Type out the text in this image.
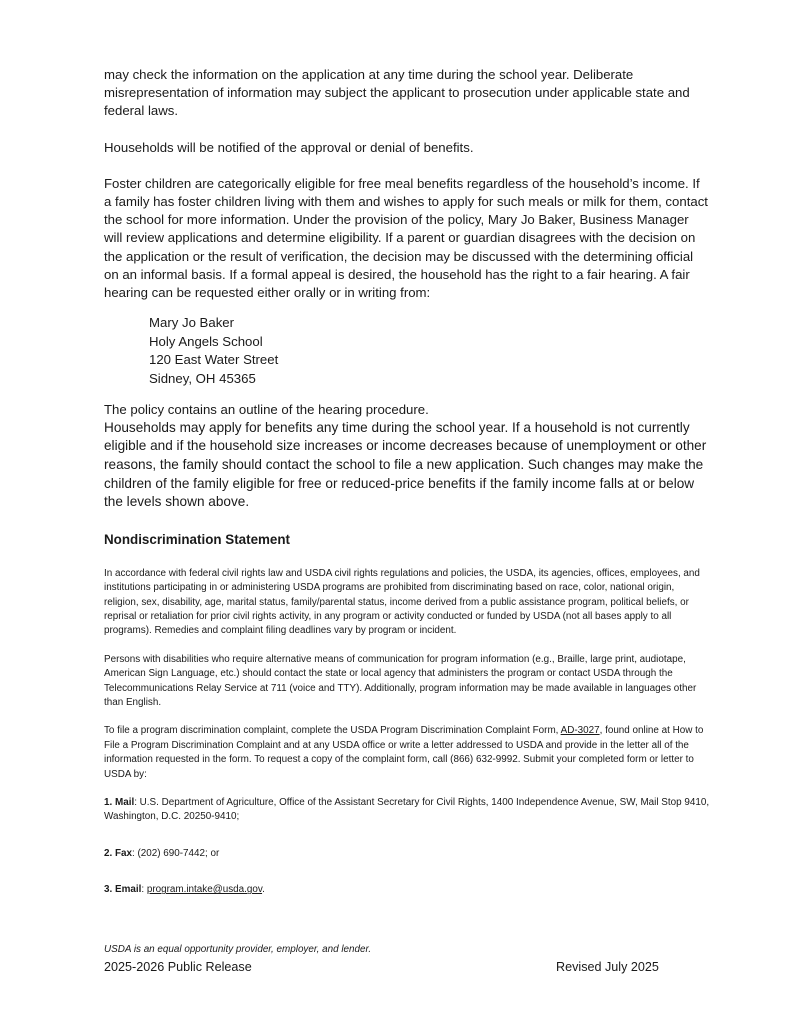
may check the information on the application at any time during the school year. Deliberate misrepresentation of information may subject the applicant to prosecution under applicable state and federal laws.

Households will be notified of the approval or denial of benefits.

Foster children are categorically eligible for free meal benefits regardless of the household’s income. If a family has foster children living with them and wishes to apply for such meals or milk for them, contact the school for more information. Under the provision of the policy, Mary Jo Baker, Business Manager will review applications and determine eligibility. If a parent or guardian disagrees with the decision on the application or the result of verification, the decision may be discussed with the determining official on an informal basis. If a formal appeal is desired, the household has the right to a fair hearing. A fair hearing can be requested either orally or in writing from:

Mary Jo Baker
Holy Angels School
120 East Water Street
Sidney, OH 45365

The policy contains an outline of the hearing procedure.

Households may apply for benefits any time during the school year. If a household is not currently eligible and if the household size increases or income decreases because of unemployment or other reasons, the family should contact the school to file a new application. Such changes may make the children of the family eligible for free or reduced-price benefits if the family income falls at or below the levels shown above.

Nondiscrimination Statement

In accordance with federal civil rights law and USDA civil rights regulations and policies, the USDA, its agencies, offices, employees, and institutions participating in or administering USDA programs are prohibited from discriminating based on race, color, national origin, religion, sex, disability, age, marital status, family/parental status, income derived from a public assistance program, political beliefs, or reprisal or retaliation for prior civil rights activity, in any program or activity conducted or funded by USDA (not all bases apply to all programs). Remedies and complaint filing deadlines vary by program or incident.

Persons with disabilities who require alternative means of communication for program information (e.g., Braille, large print, audiotape, American Sign Language, etc.) should contact the state or local agency that administers the program or contact USDA through the Telecommunications Relay Service at 711 (voice and TTY). Additionally, program information may be made available in languages other than English.

To file a program discrimination complaint, complete the USDA Program Discrimination Complaint Form, AD-3027, found online at How to File a Program Discrimination Complaint and at any USDA office or write a letter addressed to USDA and provide in the letter all of the information requested in the form. To request a copy of the complaint form, call (866) 632-9992. Submit your completed form or letter to USDA by:

1. Mail: U.S. Department of Agriculture, Office of the Assistant Secretary for Civil Rights, 1400 Independence Avenue, SW, Mail Stop 9410, Washington, D.C. 20250-9410;

2. Fax: (202) 690-7442; or

3. Email: program.intake@usda.gov.

USDA is an equal opportunity provider, employer, and lender.

2025-2026 Public Release	Revised July 2025
